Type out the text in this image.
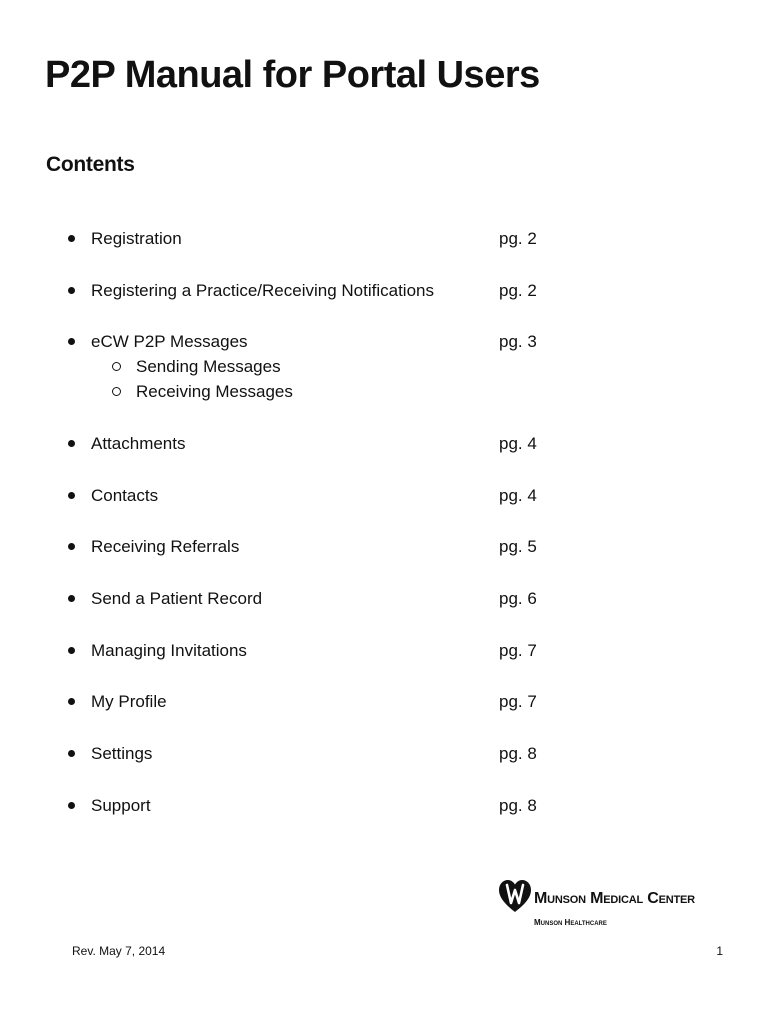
P2P Manual for Portal Users
Contents
Registration	pg. 2
Registering a Practice/Receiving Notifications	pg. 2
eCW P2P Messages	pg. 3
Sending Messages
Receiving Messages
Attachments	pg. 4
Contacts	pg. 4
Receiving Referrals	pg. 5
Send a Patient Record	pg. 6
Managing Invitations	pg. 7
My Profile	pg. 7
Settings	pg. 8
Support	pg. 8
Munson Medical Center
Munson Healthcare
Rev. May 7, 2014	1
